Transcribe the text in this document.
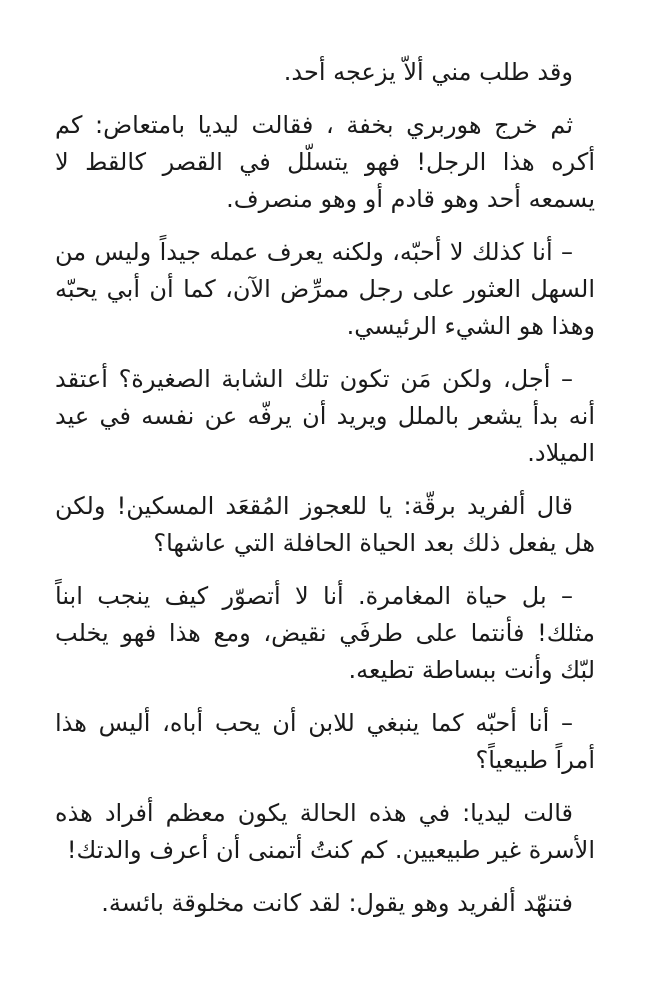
وقد طلب مني ألاّ يزعجه أحد.

ثم خرج هوربري بخفة ، فقالت ليديا بامتعاض: كم أكره هذا الرجل! فهو يتسلّل في القصر كالقط لا يسمعه أحد وهو قادم أو وهو منصرف.

– أنا كذلك لا أحبّه، ولكنه يعرف عمله جيداً وليس من السهل العثور على رجل ممرِّض الآن، كما أن أبي يحبّه وهذا هو الشيء الرئيسي.

– أجل، ولكن مَن تكون تلك الشابة الصغيرة؟ أعتقد أنه بدأ يشعر بالملل ويريد أن يرفّه عن نفسه في عيد الميلاد.

قال ألفريد برقّة: يا للعجوز المُقعَد المسكين! ولكن هل يفعل ذلك بعد الحياة الحافلة التي عاشها؟

– بل حياة المغامرة. أنا لا أتصوّر كيف ينجب ابناً مثلك! فأنتما على طرفَي نقيض، ومع هذا فهو يخلب لبّك وأنت ببساطة تطيعه.

– أنا أحبّه كما ينبغي للابن أن يحب أباه، أليس هذا أمراً طبيعياً؟

قالت ليديا: في هذه الحالة يكون معظم أفراد هذه الأسرة غير طبيعيين. كم كنتُ أتمنى أن أعرف والدتك!

فتنهّد ألفريد وهو يقول: لقد كانت مخلوقة بائسة.
